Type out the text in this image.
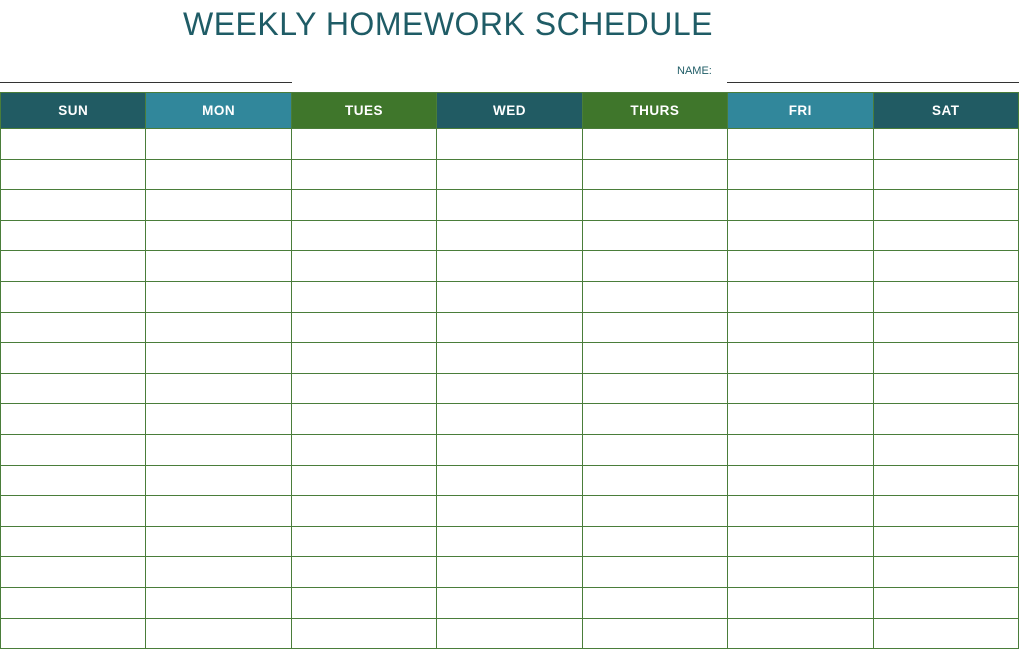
WEEKLY HOMEWORK SCHEDULE
NAME:
SUN	MON	TUES	WED	THURS	FRI	SAT
